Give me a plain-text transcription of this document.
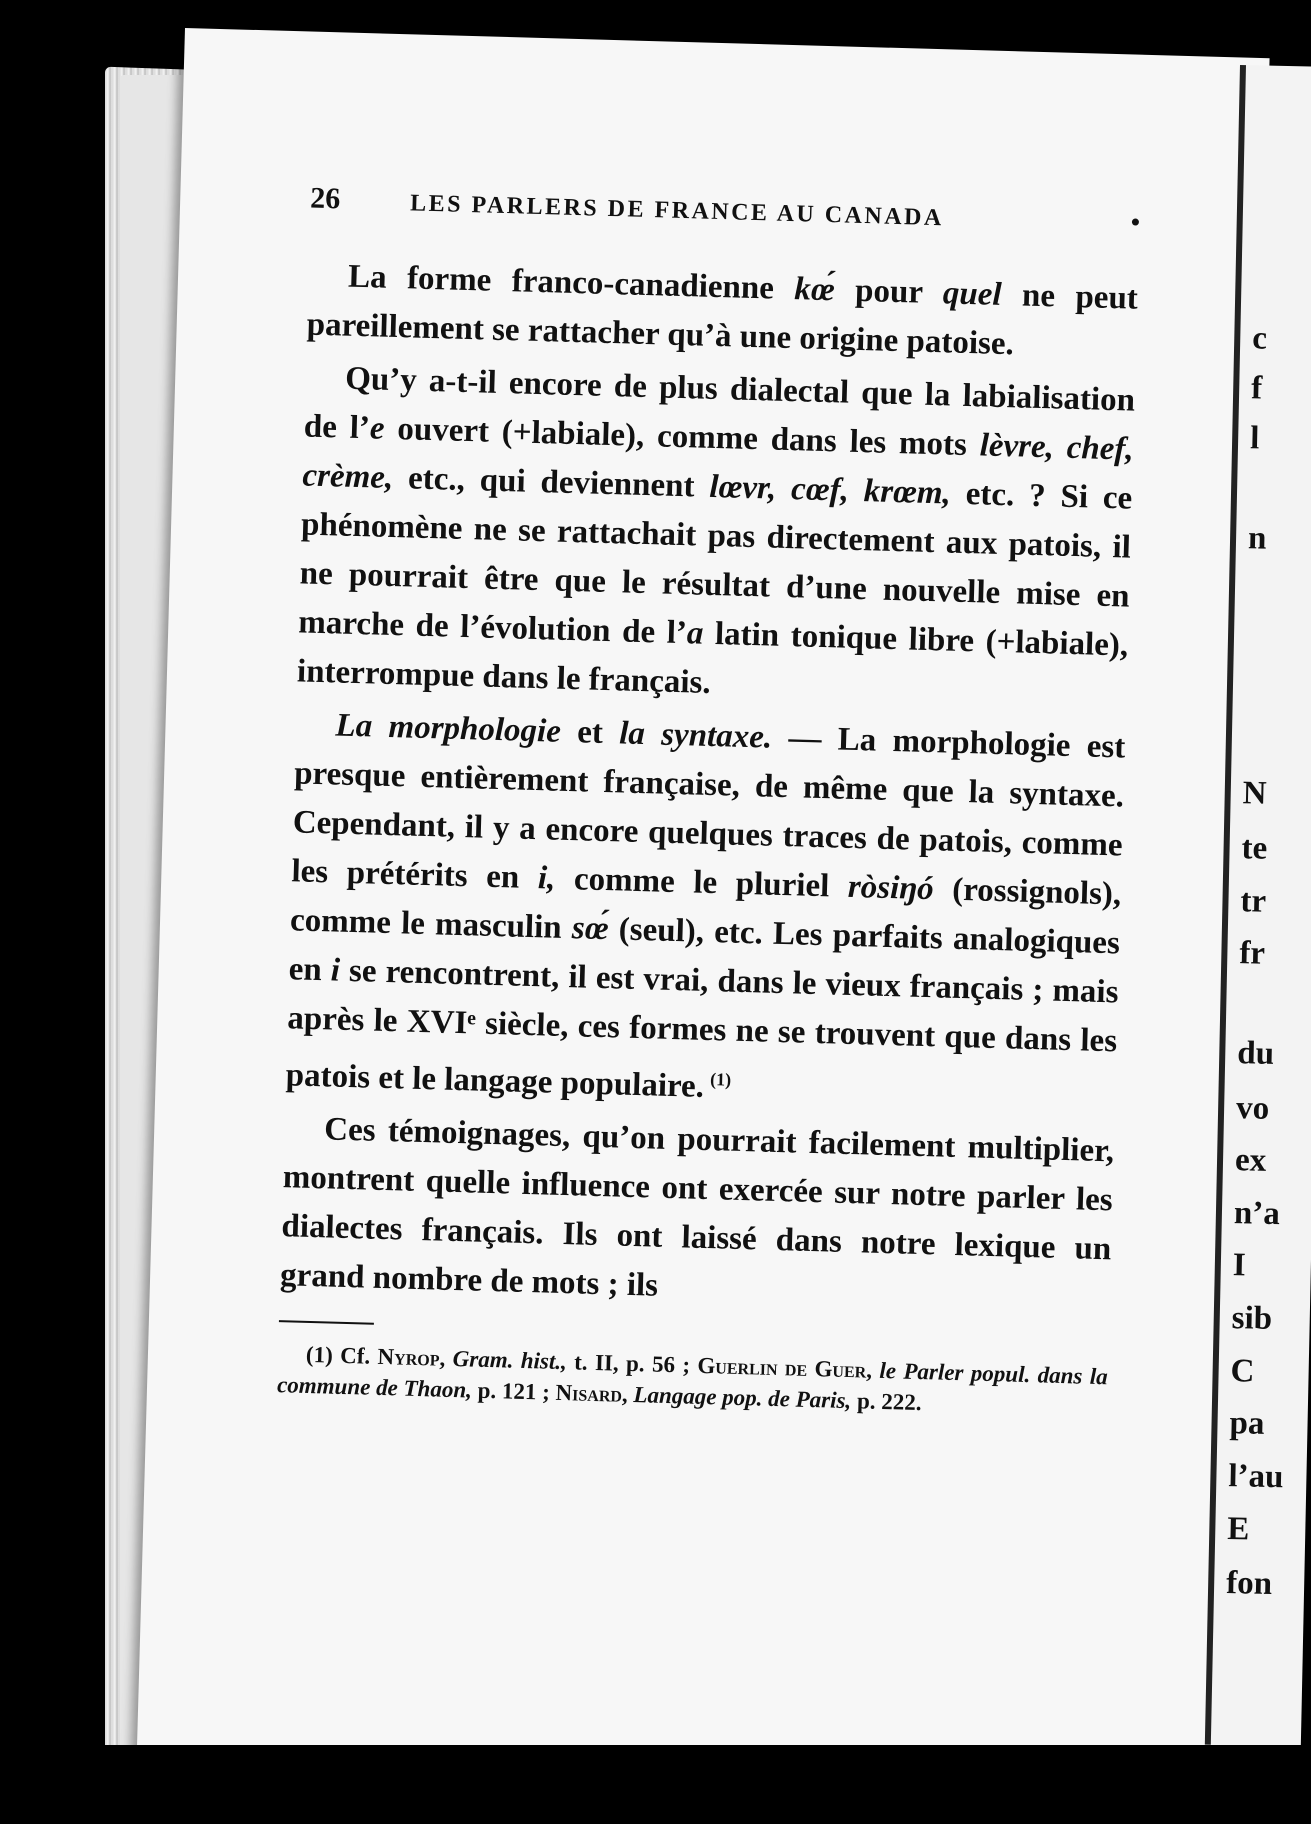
26	LES PARLERS DE FRANCE AU CANADA	•

La forme franco-canadienne kœ́ pour quel ne peut pareillement se rattacher qu’à une origine patoise.

Qu’y a-t-il encore de plus dialectal que la labialisation de l’e ouvert (+labiale), comme dans les mots lèvre, chef, crème, etc., qui deviennent lœvr, cœf, krœm, etc. ? Si ce phénomène ne se rattachait pas directement aux patois, il ne pourrait être que le résultat d’une nouvelle mise en marche de l’évolution de l’a latin tonique libre (+labiale), interrompue dans le français.

La morphologie et la syntaxe. — La morphologie est presque entièrement française, de même que la syntaxe. Cependant, il y a encore quelques traces de patois, comme les prétérits en i, comme le pluriel ròsiŋó (rossignols), comme le masculin sœ́ (seul), etc. Les parfaits analogiques en i se rencontrent, il est vrai, dans le vieux français ; mais après le XVIᵉ siècle, ces formes ne se trouvent que dans les patois et le langage populaire. $^{(1)}$

Ces témoignages, qu’on pourrait facilement multiplier, montrent quelle influence ont exercée sur notre parler les dialectes français. Ils ont laissé dans notre lexique un grand nombre de mots ; ils

(1) Cf. Nyrop, Gram. hist., t. II, p. 56 ; Guerlin de Guer, le Parler popul. dans la commune de Thaon, p. 121 ; Nisard, Langage pop. de Paris, p. 222.

c
f
l
n
N
te
tr
fr
du
vo
ex
n’a
I
sib
C
pa
l’au
E
fon
